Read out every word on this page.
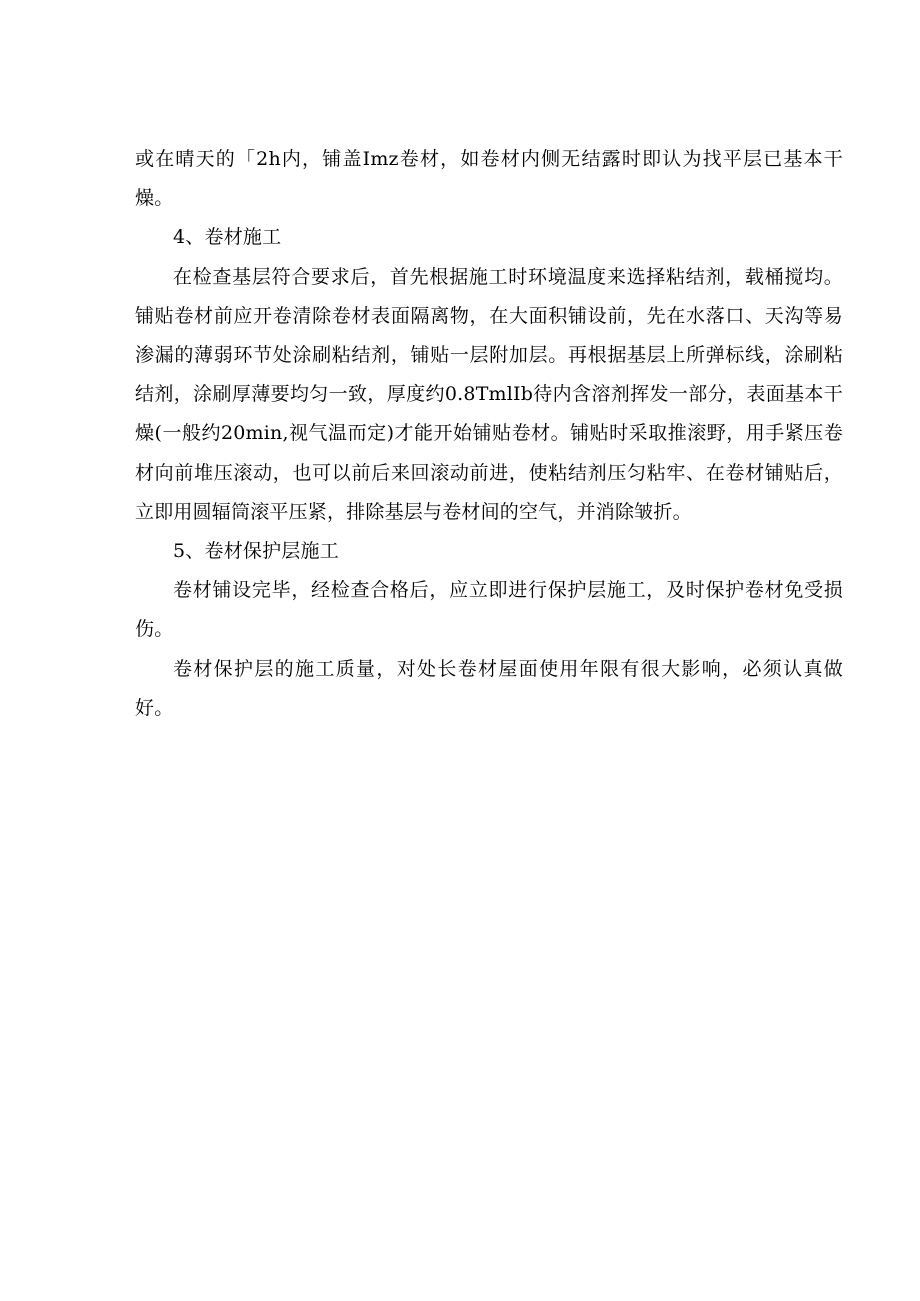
或在晴天的「2h内，铺盖Imz卷材，如卷材内侧无结露时即认为找平层已基本干燥。

4、卷材施工

在检查基层符合要求后，首先根据施工时环境温度来选择粘结剂，载桶搅均。铺贴卷材前应开卷清除卷材表面隔离物，在大面积铺设前，先在水落口、天沟等易渗漏的薄弱环节处涂刷粘结剂，铺贴一层附加层。再根据基层上所弹标线，涂刷粘结剂，涂刷厚薄要均匀一致，厚度约0.8TmlIb待内含溶剂挥发一部分，表面基本干燥(一般约20min,视气温而定)才能开始铺贴卷材。铺贴时采取推滚野，用手紧压卷材向前堆压滚动，也可以前后来回滚动前进，使粘结剂压匀粘牢、在卷材铺贴后，立即用圆辐筒滚平压紧，排除基层与卷材间的空气，并消除皱折。

5、卷材保护层施工

卷材铺设完毕，经检查合格后，应立即进行保护层施工，及时保护卷材免受损伤。

卷材保护层的施工质量，对处长卷材屋面使用年限有很大影响，必须认真做好。
